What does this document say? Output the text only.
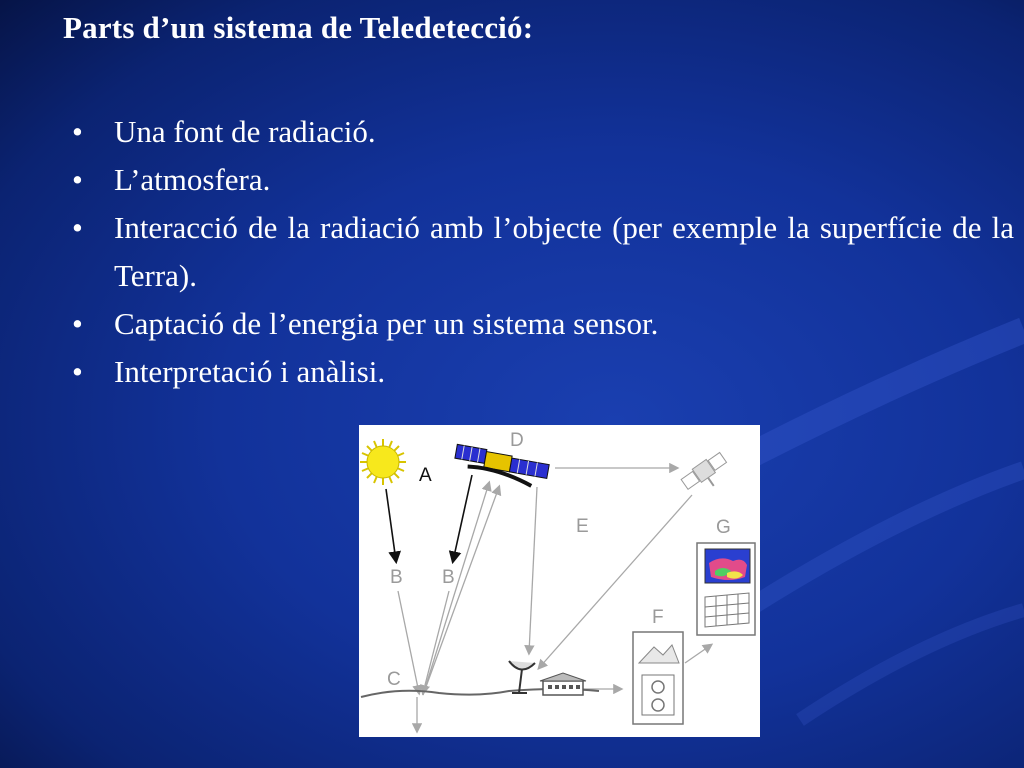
Parts d’un sistema de Teledetecció:
• Una font de radiació.
• L’atmosfera.
• Interacció de la radiació amb l’objecte (per exemple la superfície de la Terra).
• Captació de l’energia per un sistema sensor.
• Interpretació i anàlisi.
A
B B
C
D
E
F
G
